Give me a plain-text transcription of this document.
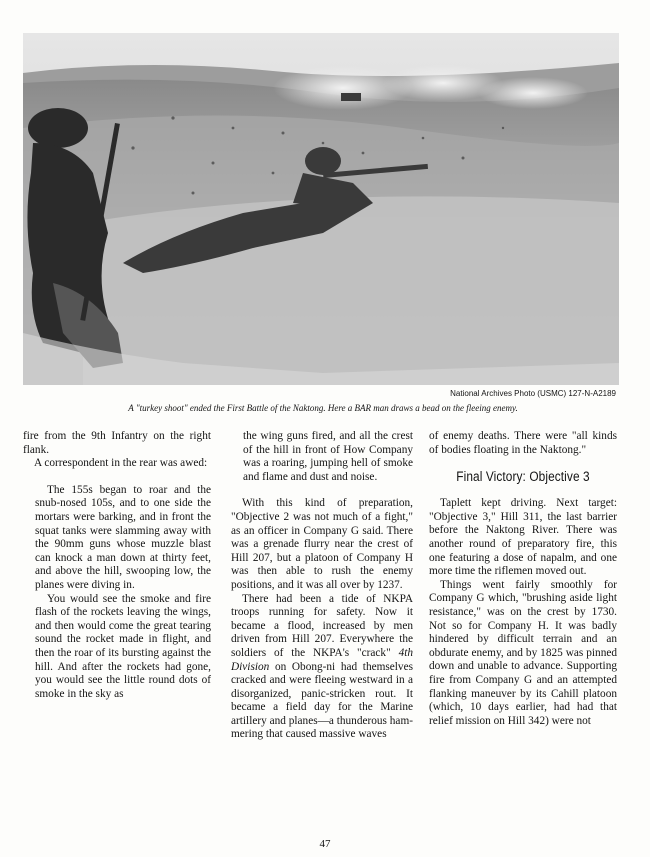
National Archives Photo (USMC) 127-N-A2189
A "turkey shoot" ended the First Battle of the Naktong. Here a BAR man draws a bead on the fleeing enemy.

fire from the 9th Infantry on the right flank.

A correspondent in the rear was awed:

The 155s began to roar and the snub-nosed 105s, and to one side the mortars were barking, and in front the squat tanks were slamming away with the 90mm guns whose muzzle blast can knock a man down at thirty feet, and above the hill, swooping low, the planes were diving in.

You would see the smoke and fire flash of the rockets leaving the wings, and then would come the great tearing sound the rocket made in flight, and then the roar of its bursting against the hill. And after the rockets had gone, you would see the little round dots of smoke in the sky as

the wing guns fired, and all the crest of the hill in front of How Company was a roaring, jumping hell of smoke and flame and dust and noise.

With this kind of preparation, "Objective 2 was not much of a fight," as an officer in Company G said. There was a grenade flurry near the crest of Hill 207, but a platoon of Company H was then able to rush the enemy positions, and it was all over by 1237.

There had been a tide of NKPA troops running for safety. Now it became a flood, increased by men driven from Hill 207. Everywhere the soldiers of the NKPA's "crack" 4th Division on Obong-ni had themselves cracked and were fleeing westward in a disorganized, panic-stricken rout. It became a field day for the Marine artillery and planes—a thunderous hammering that caused massive waves

of enemy deaths. There were "all kinds of bodies floating in the Naktong."

Final Victory: Objective 3

Taplett kept driving. Next target: "Objective 3," Hill 311, the last barrier before the Naktong River. There was another round of preparatory fire, this one featuring a dose of napalm, and one more time the riflemen moved out.

Things went fairly smoothly for Company G which, "brushing aside light resistance," was on the crest by 1730. Not so for Company H. It was badly hindered by difficult terrain and an obdurate enemy, and by 1825 was pinned down and unable to advance. Supporting fire from Company G and an attempted flanking maneuver by its Cahill platoon (which, 10 days earlier, had had that relief mission on Hill 342) were not

47
